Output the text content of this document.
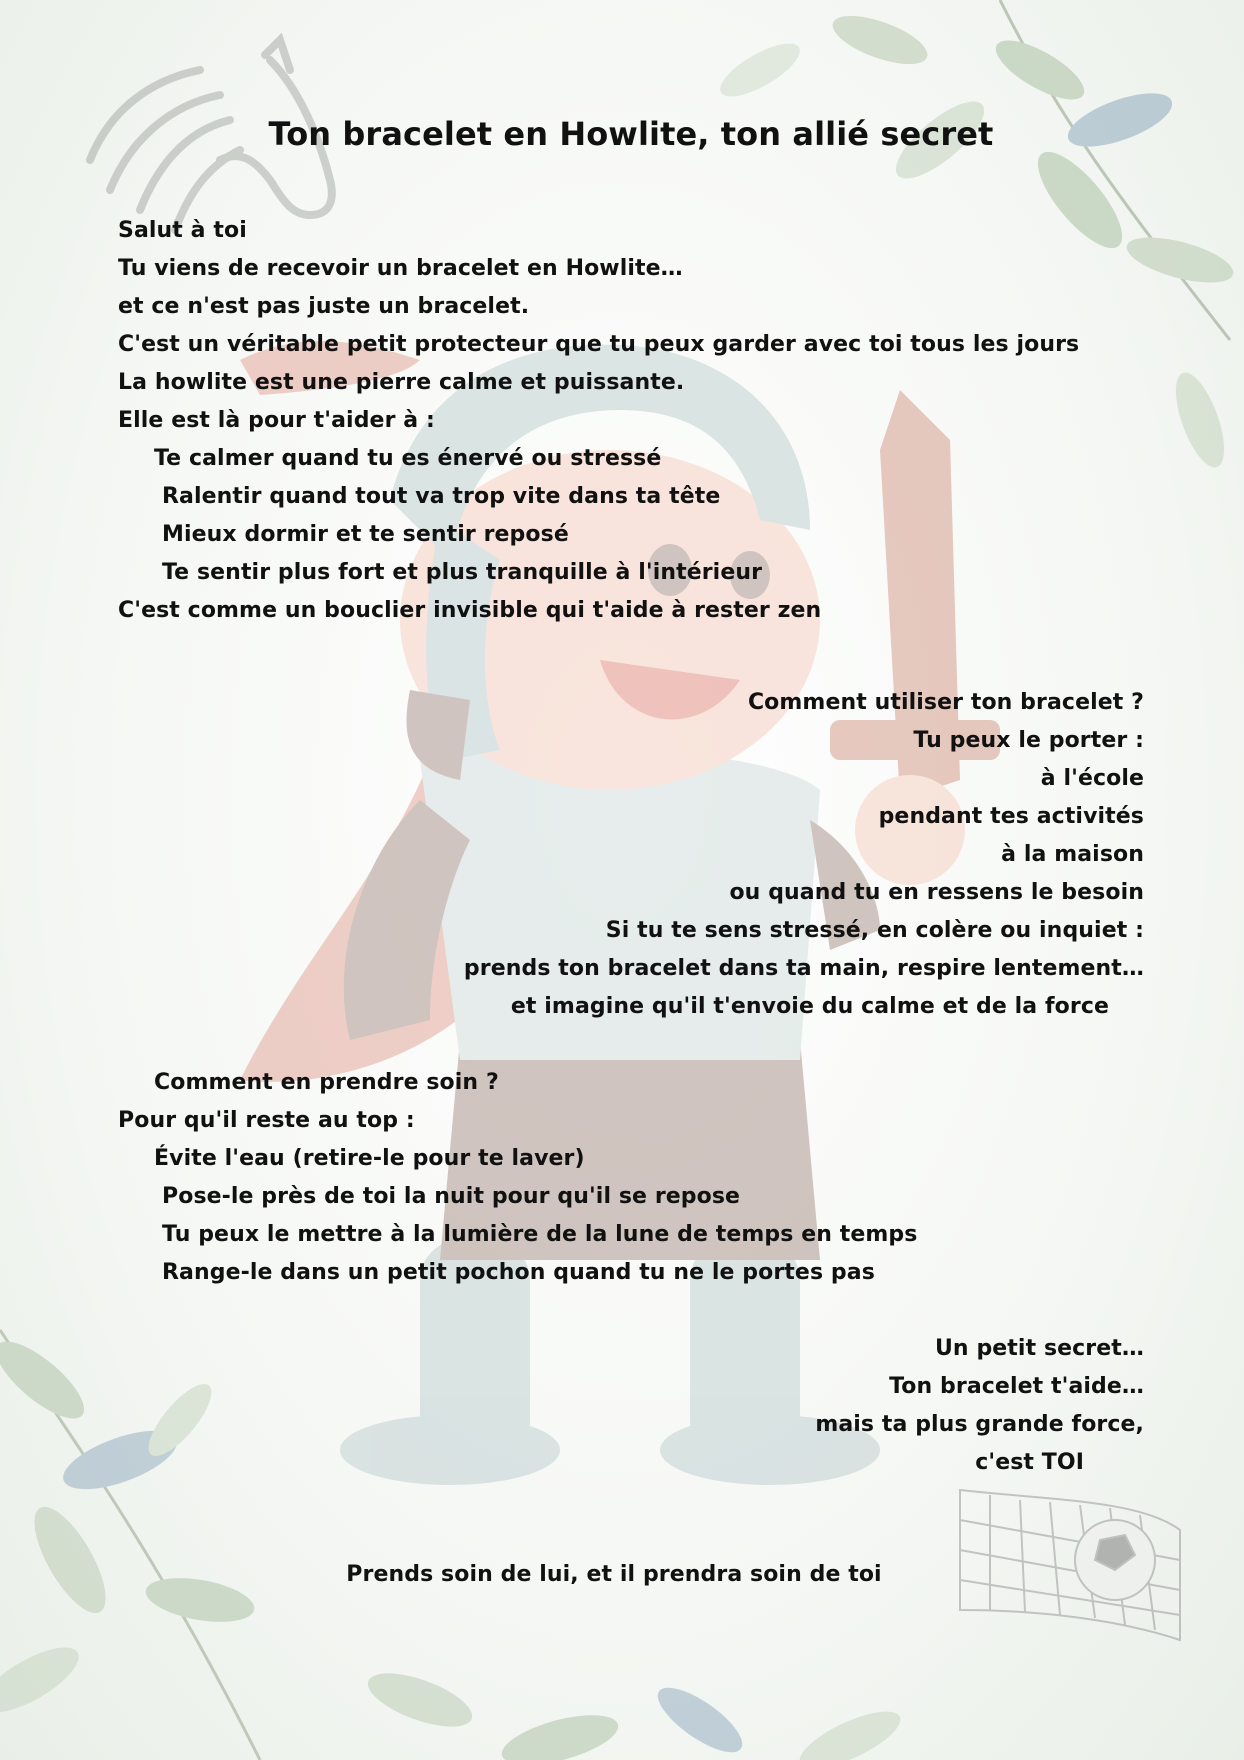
Ton bracelet en Howlite, ton allié secret

Salut à toi

Tu viens de recevoir un bracelet en Howlite…

et ce n'est pas juste un bracelet.

C'est un véritable petit protecteur que tu peux garder avec toi tous les jours

La howlite est une pierre calme et puissante.

Elle est là pour t'aider à :

Te calmer quand tu es énervé ou stressé

Ralentir quand tout va trop vite dans ta tête

Mieux dormir et te sentir reposé

Te sentir plus fort et plus tranquille à l'intérieur

C'est comme un bouclier invisible qui t'aide à rester zen

Comment utiliser ton bracelet ?

Tu peux le porter :

à l'école

pendant tes activités

à la maison

ou quand tu en ressens le besoin

Si tu te sens stressé, en colère ou inquiet :

prends ton bracelet dans ta main, respire lentement…

et imagine qu'il t'envoie du calme et de la force

Comment en prendre soin ?

Pour qu'il reste au top :

Évite l'eau (retire-le pour te laver)

Pose-le près de toi la nuit pour qu'il se repose

Tu peux le mettre à la lumière de la lune de temps en temps

Range-le dans un petit pochon quand tu ne le portes pas

Un petit secret…

Ton bracelet t'aide…

mais ta plus grande force,

c'est TOI

Prends soin de lui, et il prendra soin de toi
